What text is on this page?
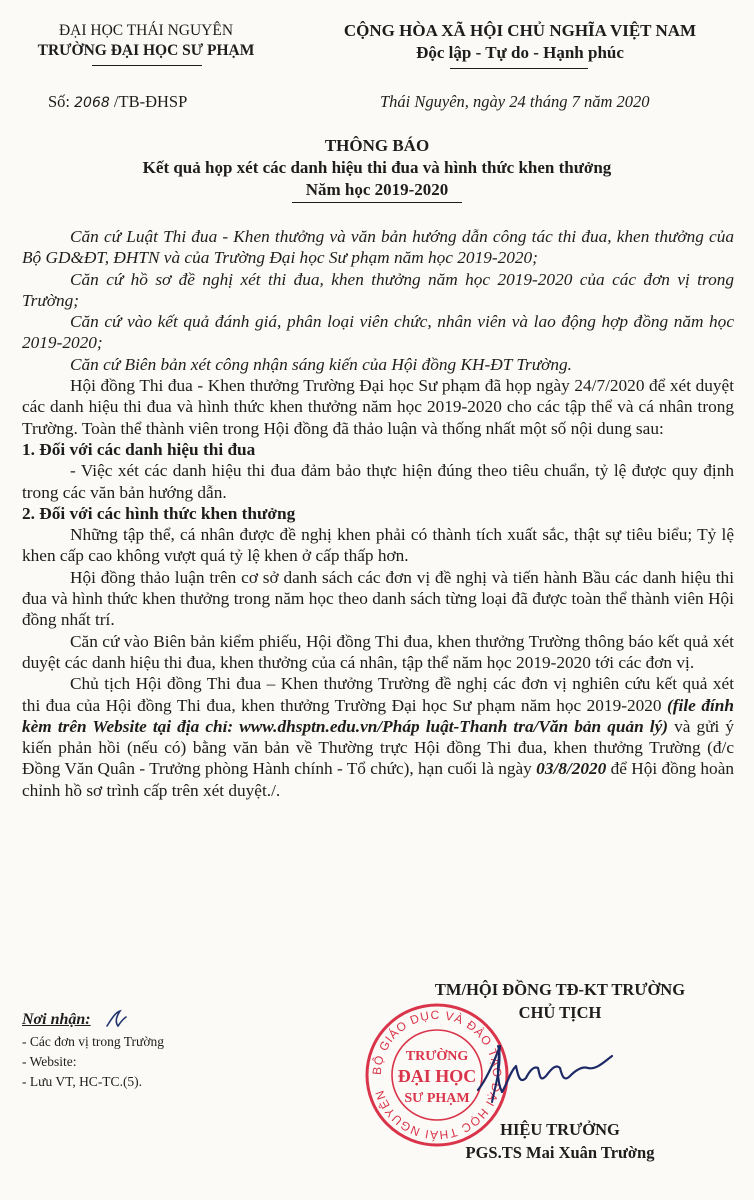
ĐẠI HỌC THÁI NGUYÊN
TRƯỜNG ĐẠI HỌC SƯ PHẠM
CỘNG HÒA XÃ HỘI CHỦ NGHĨA VIỆT NAM
Độc lập - Tự do - Hạnh phúc
Số: 2068 /TB-ĐHSP	Thái Nguyên, ngày 24 tháng 7 năm 2020
THÔNG BÁO
Kết quả họp xét các danh hiệu thi đua và hình thức khen thưởng
Năm học 2019-2020

Căn cứ Luật Thi đua - Khen thưởng và văn bản hướng dẫn công tác thi đua, khen thưởng của Bộ GD&ĐT, ĐHTN và của Trường Đại học Sư phạm năm học 2019-2020;

Căn cứ hồ sơ đề nghị xét thi đua, khen thưởng năm học 2019-2020 của các đơn vị trong Trường;

Căn cứ vào kết quả đánh giá, phân loại viên chức, nhân viên và lao động hợp đồng năm học 2019-2020;

Căn cứ Biên bản xét công nhận sáng kiến của Hội đồng KH-ĐT Trường.

Hội đồng Thi đua - Khen thưởng Trường Đại học Sư phạm đã họp ngày 24/7/2020 để xét duyệt các danh hiệu thi đua và hình thức khen thưởng năm học 2019-2020 cho các tập thể và cá nhân trong Trường. Toàn thể thành viên trong Hội đồng đã thảo luận và thống nhất một số nội dung sau:

1. Đối với các danh hiệu thi đua

- Việc xét các danh hiệu thi đua đảm bảo thực hiện đúng theo tiêu chuẩn, tỷ lệ được quy định trong các văn bản hướng dẫn.

2. Đối với các hình thức khen thưởng

Những tập thể, cá nhân được đề nghị khen phải có thành tích xuất sắc, thật sự tiêu biểu; Tỷ lệ khen cấp cao không vượt quá tỷ lệ khen ở cấp thấp hơn.

Hội đồng thảo luận trên cơ sở danh sách các đơn vị đề nghị và tiến hành Bầu các danh hiệu thi đua và hình thức khen thưởng trong năm học theo danh sách từng loại đã được toàn thể thành viên Hội đồng nhất trí.

Căn cứ vào Biên bản kiểm phiếu, Hội đồng Thi đua, khen thưởng Trường thông báo kết quả xét duyệt các danh hiệu thi đua, khen thưởng của cá nhân, tập thể năm học 2019-2020 tới các đơn vị.

Chủ tịch Hội đồng Thi đua – Khen thưởng Trường đề nghị các đơn vị nghiên cứu kết quả xét thi đua của Hội đồng Thi đua, khen thưởng Trường Đại học Sư phạm năm học 2019-2020 (file đính kèm trên Website tại địa chỉ: www.dhsptn.edu.vn/Pháp luật-Thanh tra/Văn bản quản lý) và gửi ý kiến phản hồi (nếu có) bằng văn bản về Thường trực Hội đồng Thi đua, khen thưởng Trường (đ/c Đồng Văn Quân - Trưởng phòng Hành chính - Tổ chức), hạn cuối là ngày 03/8/2020 để Hội đồng hoàn chỉnh hồ sơ trình cấp trên xét duyệt./.

Nơi nhận:
- Các đơn vị trong Trường
- Website:
- Lưu VT, HC-TC.(5).
TM/HỘI ĐỒNG TĐ-KT TRƯỜNG
CHỦ TỊCH
BỘ GIÁO DỤC VÀ ĐÀO TẠO ĐẠI HỌC THÁI NGUYÊN
TRƯỜNG
ĐẠI HỌC
SƯ PHẠM
HIỆU TRƯỞNG
PGS.TS Mai Xuân Trường
